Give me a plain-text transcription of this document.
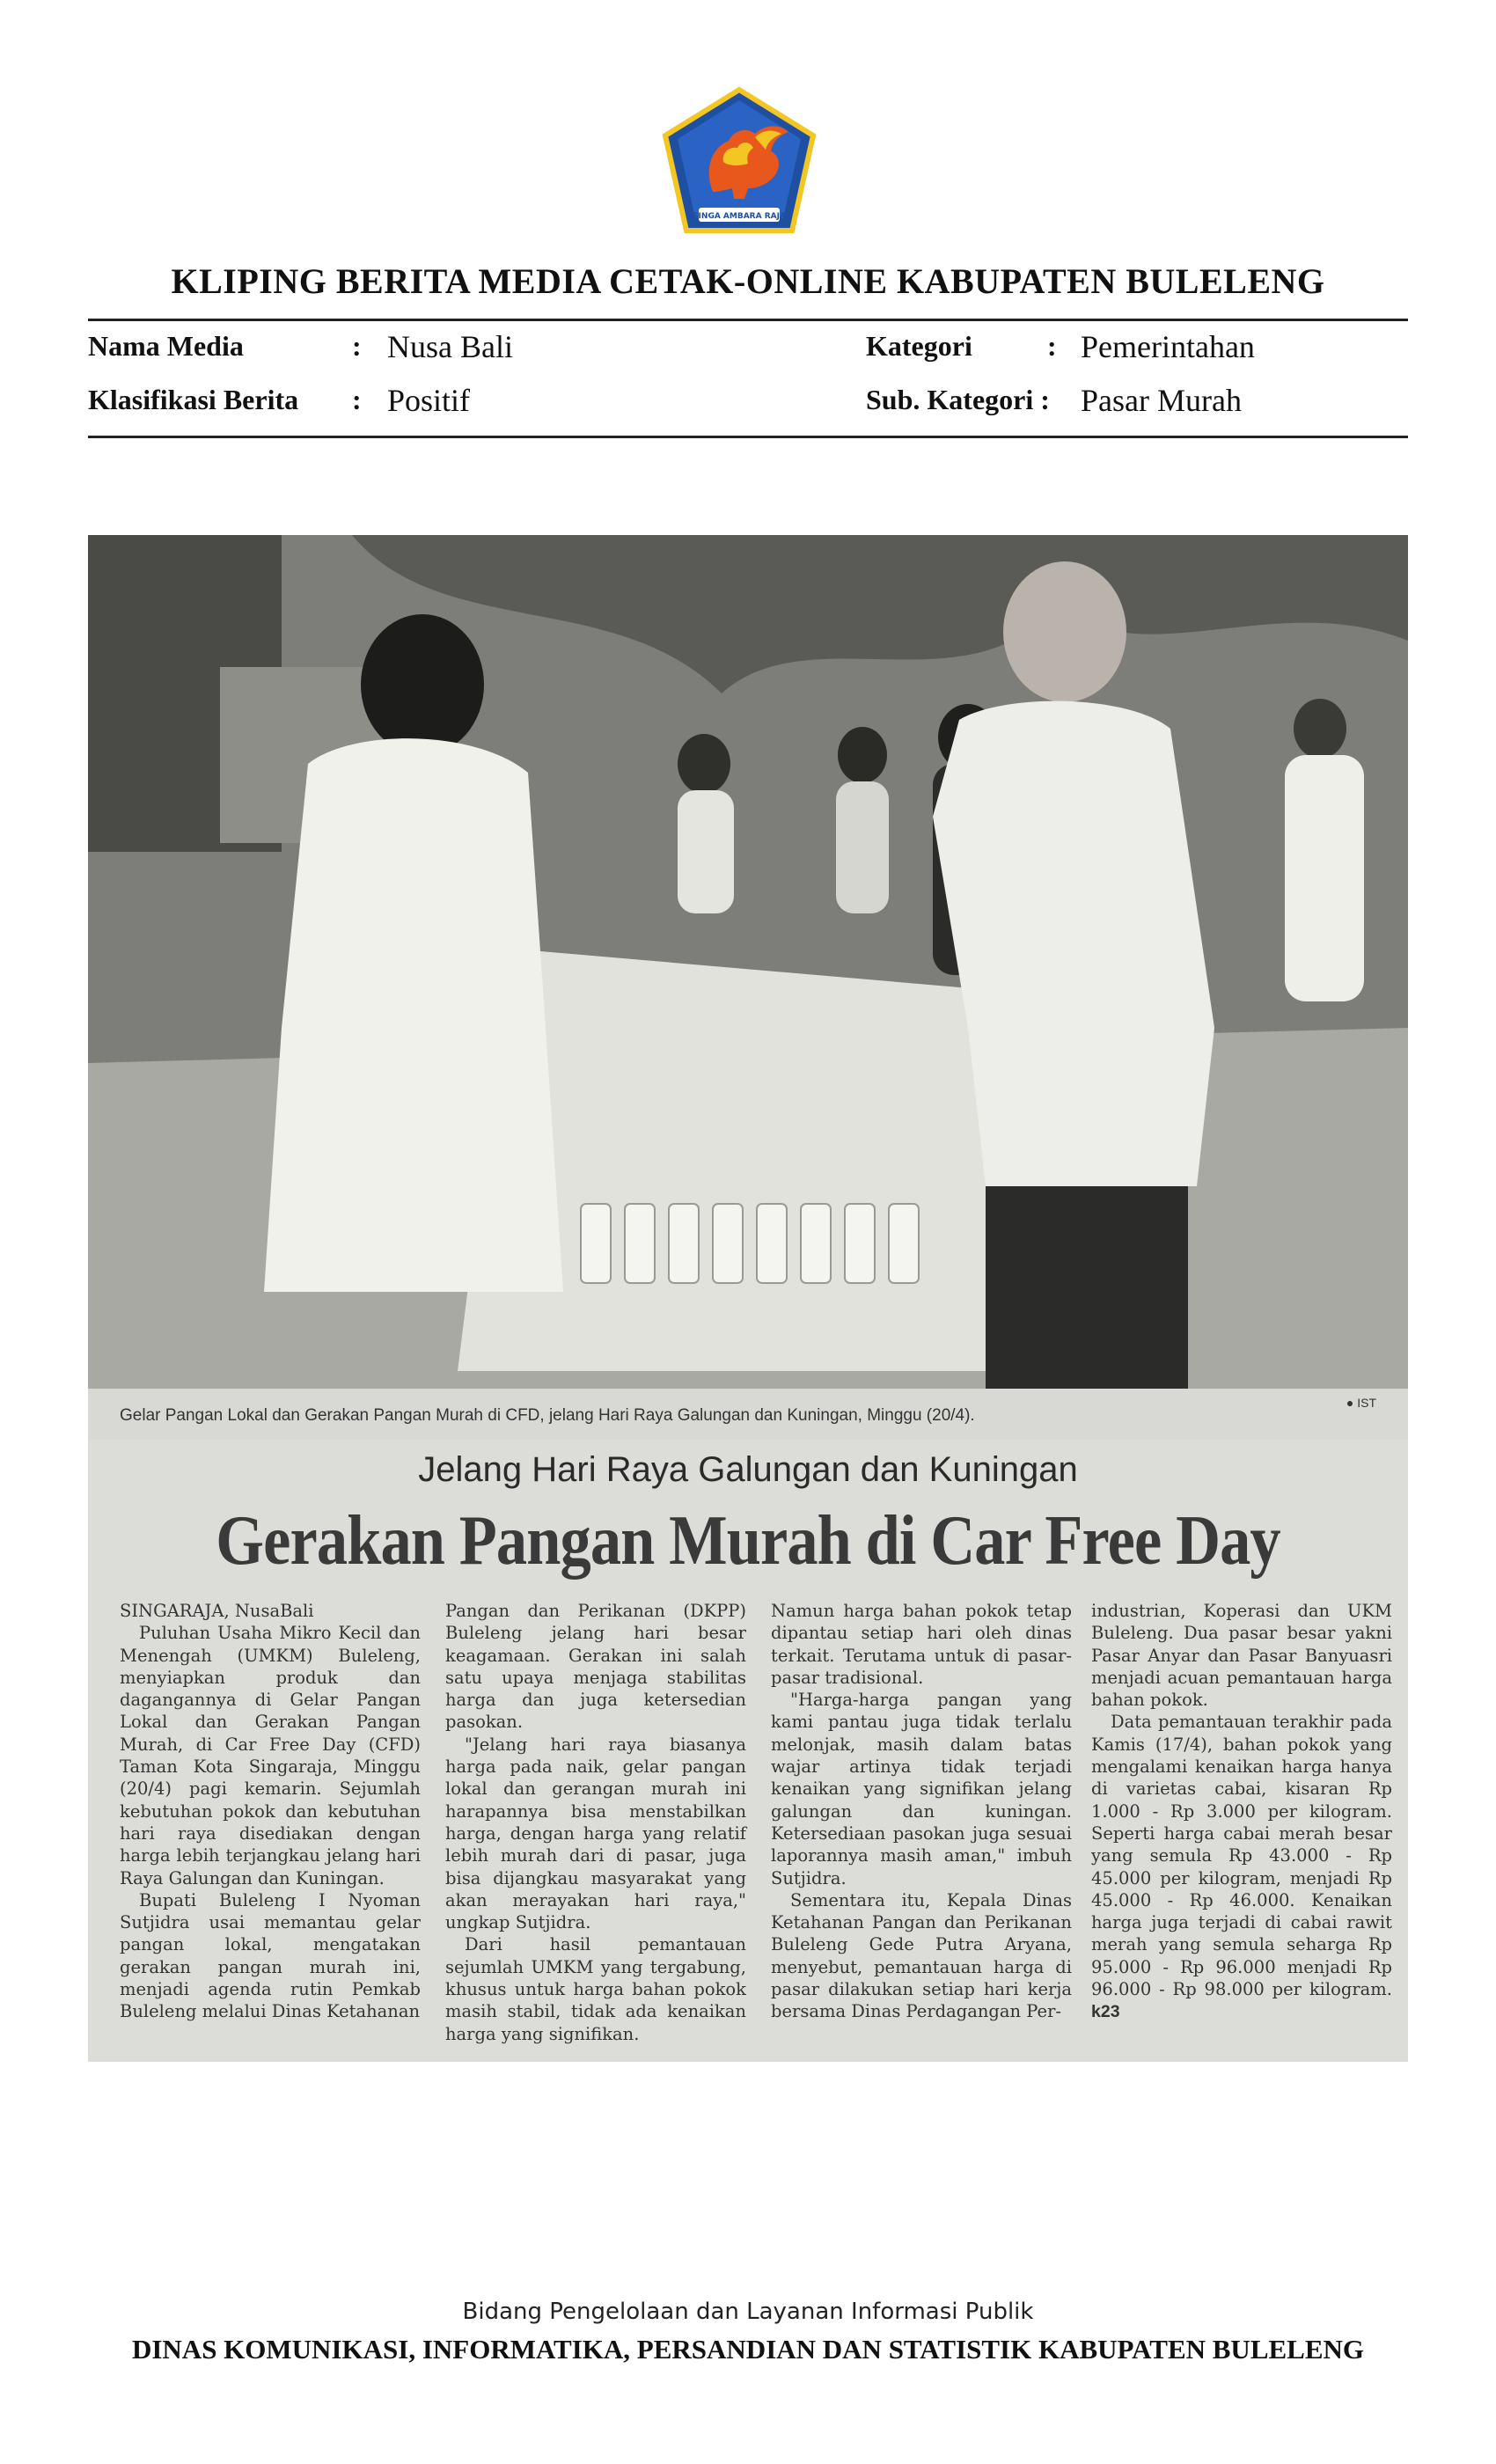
SINGA AMBARA RAJA
KLIPING BERITA MEDIA CETAK-ONLINE KABUPATEN BULELENG
Nama Media	: Nusa Bali
Klasifikasi Berita : Positif
Kategori	: Pemerintahan
Sub. Kategori : Pasar Murah
Gelar Pangan Lokal dan Gerakan Pangan Murah di CFD, jelang Hari Raya Galungan dan Kuningan, Minggu (20/4).
● IST
Jelang Hari Raya Galungan dan Kuningan
Gerakan Pangan Murah di Car Free Day

SINGARAJA, NusaBali

Puluhan Usaha Mikro Kecil dan Menengah (UMKM) Buleleng, menyiapkan produk dan dagangannya di Gelar Pangan Lokal dan Gerakan Pangan Murah, di Car Free Day (CFD) Taman Kota Singaraja, Minggu (20/4) pagi kemarin. Sejumlah kebutuhan pokok dan kebutuhan hari raya disediakan dengan harga lebih terjangkau jelang hari Raya Galungan dan Kuningan.

Bupati Buleleng I Nyoman Sutjidra usai memantau gelar pangan lokal, mengatakan gerakan pangan murah ini, menjadi agenda rutin Pemkab Buleleng melalui Dinas Ketahanan

Pangan dan Perikanan (DKPP) Buleleng jelang hari besar keagamaan. Gerakan ini salah satu upaya menjaga stabilitas harga dan juga ketersedian pasokan.

"Jelang hari raya biasanya harga pada naik, gelar pangan lokal dan gerangan murah ini harapannya bisa menstabilkan harga, dengan harga yang relatif lebih murah dari di pasar, juga bisa dijangkau masyarakat yang akan merayakan hari raya," ungkap Sutjidra.

Dari hasil pemantauan sejumlah UMKM yang tergabung, khusus untuk harga bahan pokok masih stabil, tidak ada kenaikan harga yang signifikan.

Namun harga bahan pokok tetap dipantau setiap hari oleh dinas terkait. Terutama untuk di pasar-pasar tradisional.

"Harga-harga pangan yang kami pantau juga tidak terlalu melonjak, masih dalam batas wajar artinya tidak terjadi kenaikan yang signifikan jelang galungan dan kuningan. Ketersediaan pasokan juga sesuai laporannya masih aman," imbuh Sutjidra.

Sementara itu, Kepala Dinas Ketahanan Pangan dan Perikanan Buleleng Gede Putra Aryana, menyebut, pemantauan harga di pasar dilakukan setiap hari kerja bersama Dinas Perdagangan Per-

industrian, Koperasi dan UKM Buleleng. Dua pasar besar yakni Pasar Anyar dan Pasar Banyuasri menjadi acuan pemantauan harga bahan pokok.

Data pemantauan terakhir pada Kamis (17/4), bahan pokok yang mengalami kenaikan harga hanya di varietas cabai, kisaran Rp 1.000 - Rp 3.000 per kilogram. Seperti harga cabai merah besar yang semula Rp 43.000 - Rp 45.000 per kilogram, menjadi Rp 45.000 - Rp 46.000. Kenaikan harga juga terjadi di cabai rawit merah yang semula seharga Rp 95.000 - Rp 96.000 menjadi Rp 96.000 - Rp 98.000 per kilogram. k23

Bidang Pengelolaan dan Layanan Informasi Publik
DINAS KOMUNIKASI, INFORMATIKA, PERSANDIAN DAN STATISTIK KABUPATEN BULELENG
